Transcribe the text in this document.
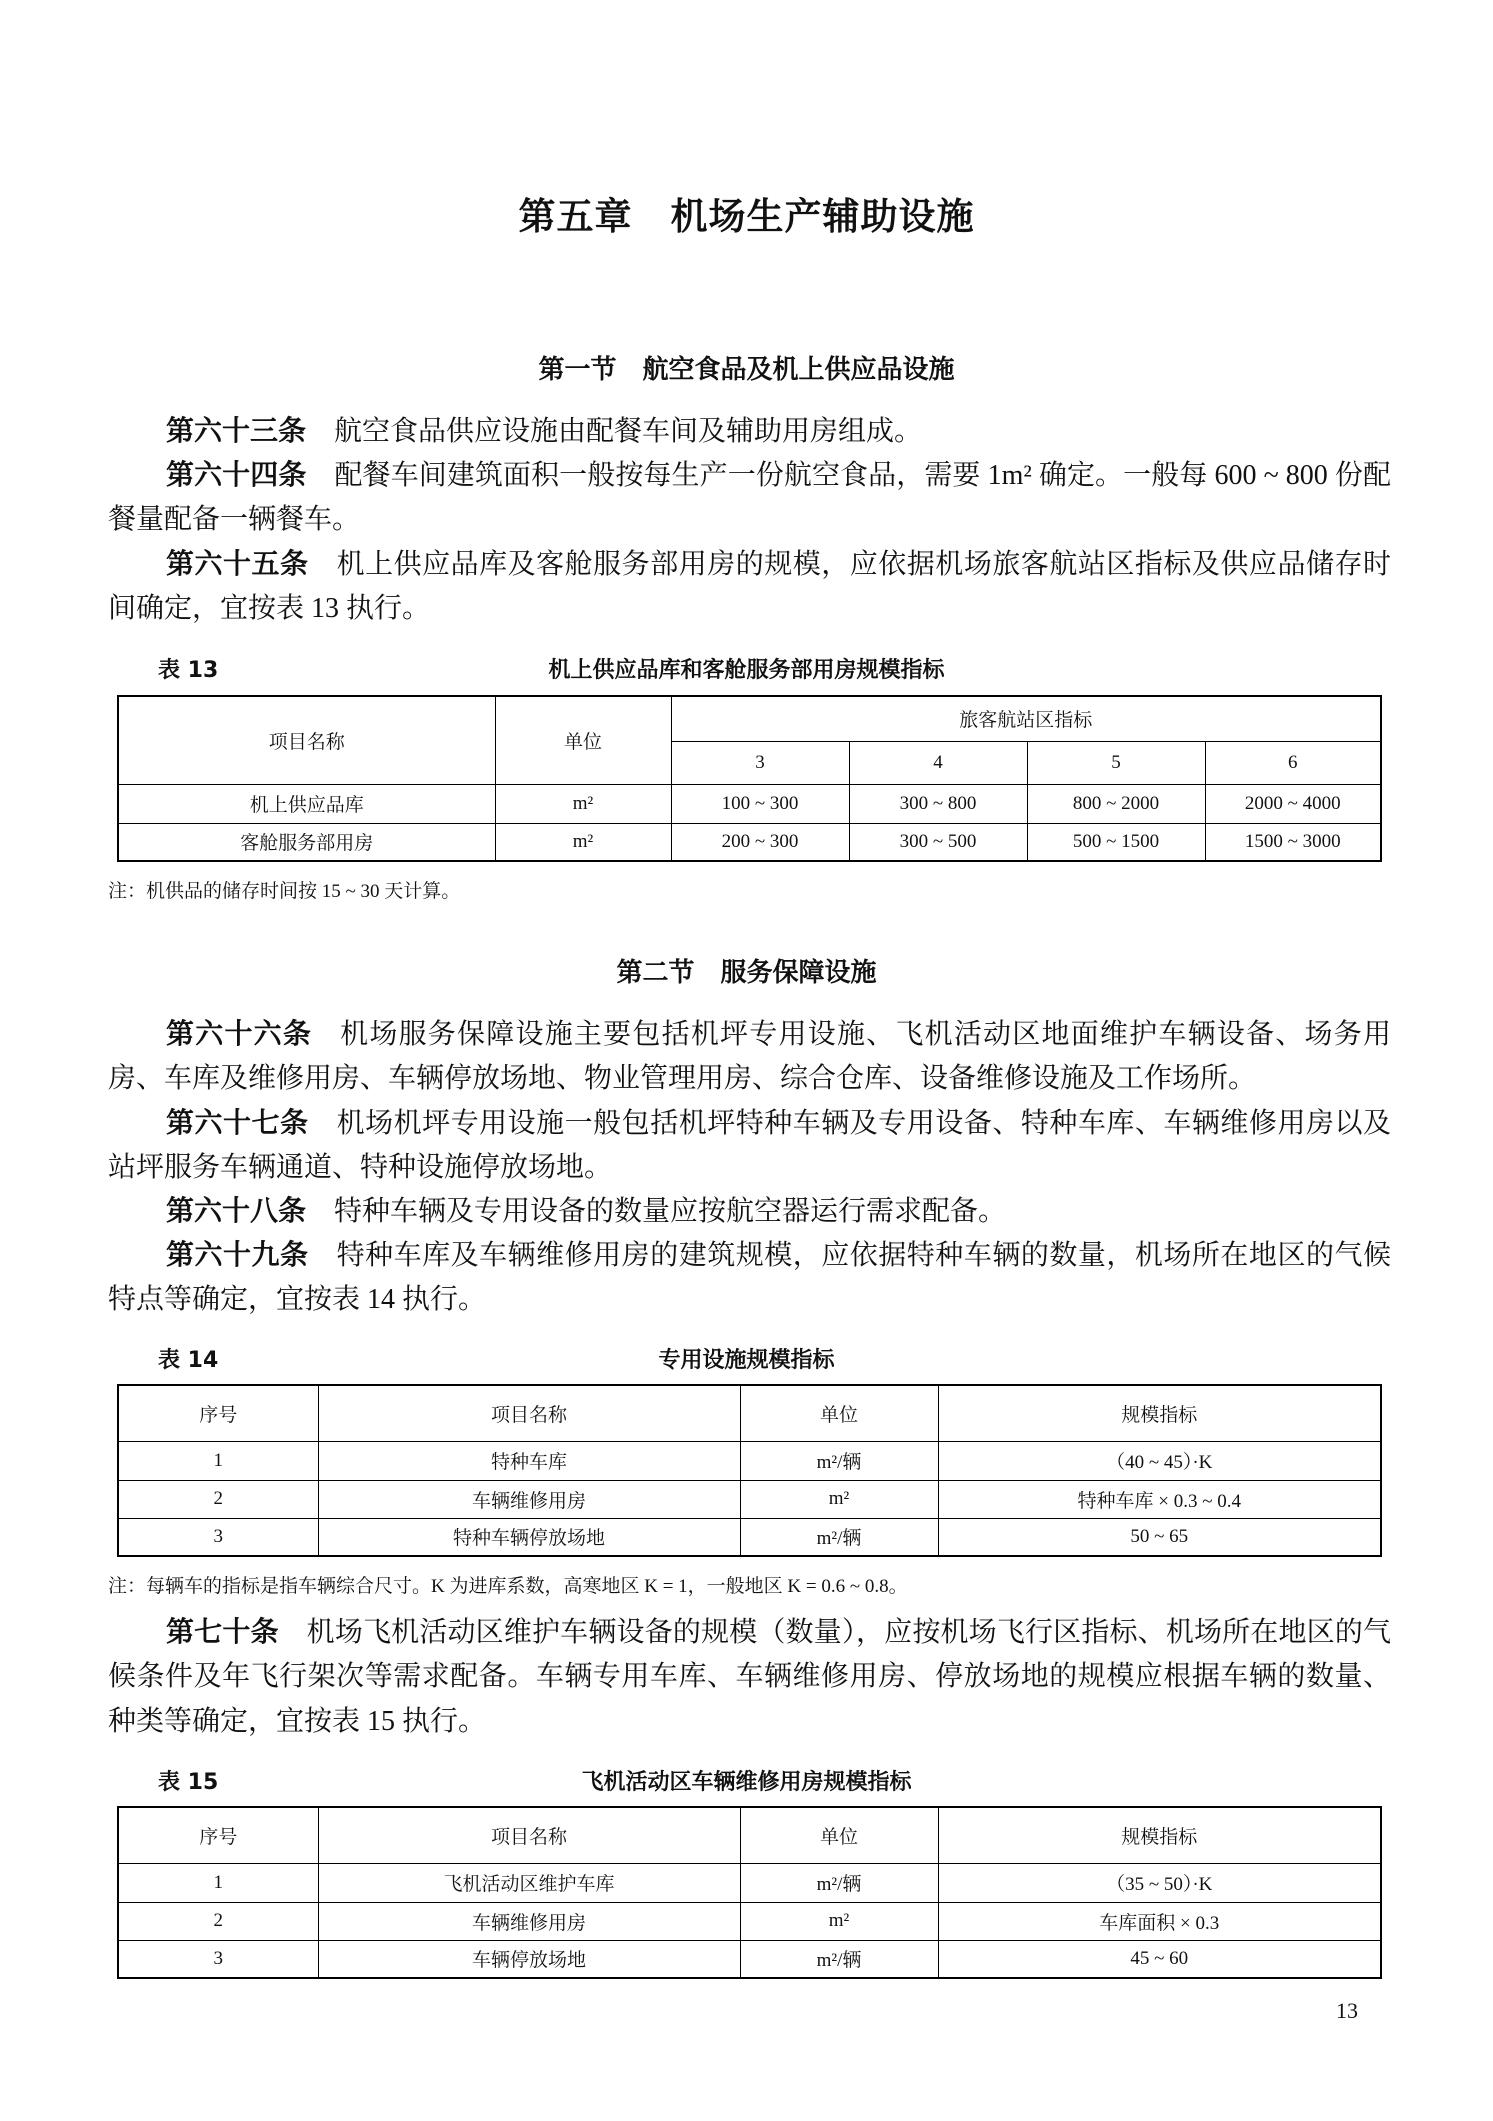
第五章　机场生产辅助设施
第一节　航空食品及机上供应品设施
第六十三条 航空食品供应设施由配餐车间及辅助用房组成。
第六十四条 配餐车间建筑面积一般按每生产一份航空食品，需要 1m² 确定。一般每 600 ~ 800 份配餐量配备一辆餐车。
第六十五条 机上供应品库及客舱服务部用房的规模，应依据机场旅客航站区指标及供应品储存时间确定，宜按表 13 执行。
表 13	机上供应品库和客舱服务部用房规模指标
项目名称	单位	旅客航站区指标			
		3	4	5	6
机上供应品库	m²	100 ~ 300	300 ~ 800	800 ~ 2000	2000 ~ 4000
客舱服务部用房	m²	200 ~ 300	300 ~ 500	500 ~ 1500	1500 ~ 3000
注：机供品的储存时间按 15 ~ 30 天计算。
第二节　服务保障设施
第六十六条 机场服务保障设施主要包括机坪专用设施、飞机活动区地面维护车辆设备、场务用房、车库及维修用房、车辆停放场地、物业管理用房、综合仓库、设备维修设施及工作场所。
第六十七条 机场机坪专用设施一般包括机坪特种车辆及专用设备、特种车库、车辆维修用房以及站坪服务车辆通道、特种设施停放场地。
第六十八条 特种车辆及专用设备的数量应按航空器运行需求配备。
第六十九条 特种车库及车辆维修用房的建筑规模，应依据特种车辆的数量，机场所在地区的气候特点等确定，宜按表 14 执行。
表 14	专用设施规模指标
序号	项目名称	单位	规模指标
1	特种车库	m²/辆	（40 ~ 45）·K
2	车辆维修用房	m²	特种车库 × 0.3 ~ 0.4
3	特种车辆停放场地	m²/辆	50 ~ 65
注：每辆车的指标是指车辆综合尺寸。K 为进库系数，高寒地区 K = 1，一般地区 K = 0.6 ~ 0.8。
第七十条 机场飞机活动区维护车辆设备的规模（数量），应按机场飞行区指标、机场所在地区的气候条件及年飞行架次等需求配备。车辆专用车库、车辆维修用房、停放场地的规模应根据车辆的数量、种类等确定，宜按表 15 执行。
表 15	飞机活动区车辆维修用房规模指标
序号	项目名称	单位	规模指标
1	飞机活动区维护车库	m²/辆	（35 ~ 50）·K
2	车辆维修用房	m²	车库面积 × 0.3
3	车辆停放场地	m²/辆	45 ~ 60
13
